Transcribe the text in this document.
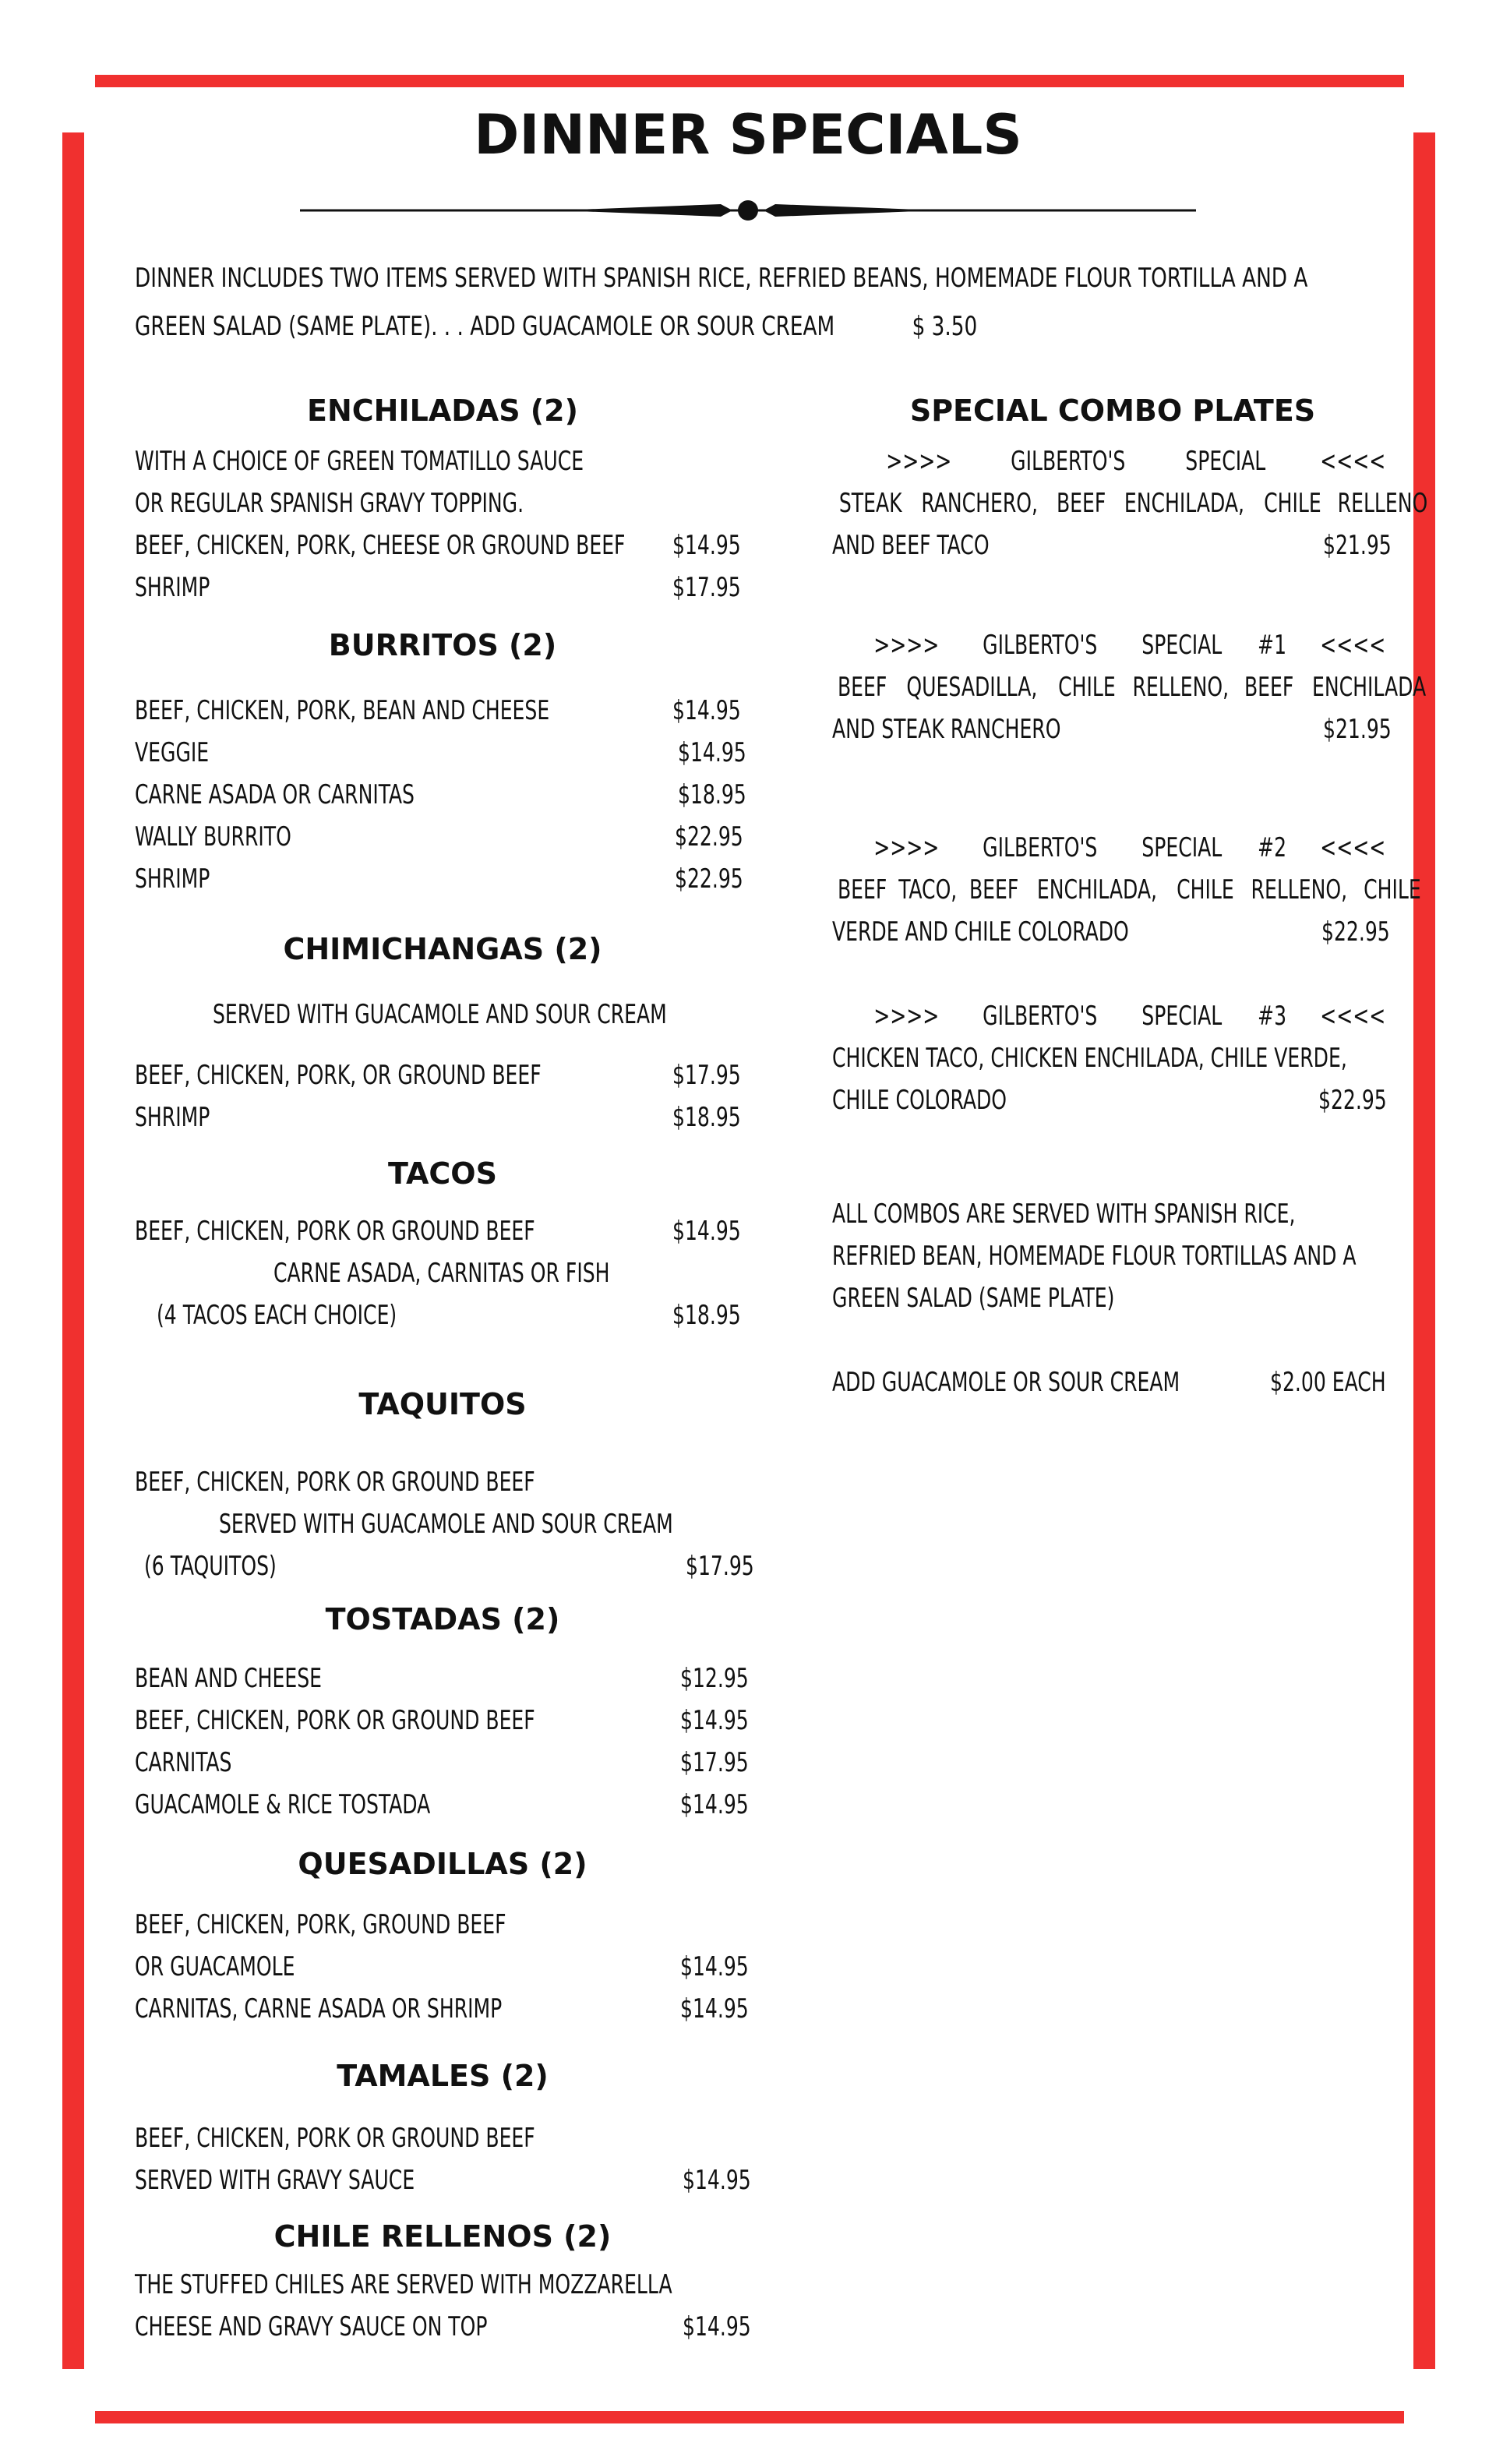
DINNER SPECIALS
DINNER INCLUDES TWO ITEMS SERVED WITH SPANISH RICE, REFRIED BEANS, HOMEMADE FLOUR TORTILLA AND A
GREEN SALAD (SAME PLATE). . . ADD GUACAMOLE OR SOUR CREAM	$ 3.50
ENCHILADAS (2)
WITH A CHOICE OF GREEN TOMATILLO SAUCE
OR REGULAR SPANISH GRAVY TOPPING.
BEEF, CHICKEN, PORK, CHEESE OR GROUND BEEF $14.95
SHRIMP	$17.95
BURRITOS (2)
BEEF, CHICKEN, PORK, BEAN AND CHEESE	$14.95
VEGGIE	$14.95
CARNE ASADA OR CARNITAS	$18.95
WALLY BURRITO	$22.95
SHRIMP	$22.95
CHIMICHANGAS (2)
SERVED WITH GUACAMOLE AND SOUR CREAM
BEEF, CHICKEN, PORK, OR GROUND BEEF	$17.95
SHRIMP	$18.95
TACOS
BEEF, CHICKEN, PORK OR GROUND BEEF	$14.95
CARNE ASADA, CARNITAS OR FISH
(4 TACOS EACH CHOICE)	$18.95
TAQUITOS
BEEF, CHICKEN, PORK OR GROUND BEEF
SERVED WITH GUACAMOLE AND SOUR CREAM
(6 TAQUITOS)	$17.95
TOSTADAS (2)
BEAN AND CHEESE	$12.95
BEEF, CHICKEN, PORK OR GROUND BEEF	$14.95
CARNITAS	$17.95
GUACAMOLE & RICE TOSTADA	$14.95
QUESADILLAS (2)
BEEF, CHICKEN, PORK, GROUND BEEF
OR GUACAMOLE	$14.95
CARNITAS, CARNE ASADA OR SHRIMP	$14.95
TAMALES (2)
BEEF, CHICKEN, PORK OR GROUND BEEF
SERVED WITH GRAVY SAUCE	$14.95
CHILE RELLENOS (2)
THE STUFFED CHILES ARE SERVED WITH MOZZARELLA
CHEESE AND GRAVY SAUCE ON TOP	$14.95
SPECIAL COMBO PLATES
>>>> GILBERTO'S SPECIAL <<<<
STEAK RANCHERO, BEEF ENCHILADA, CHILE RELLENO
AND BEEF TACO	$21.95
>>>> GILBERTO'S SPECIAL #1 <<<<
BEEF QUESADILLA, CHILE RELLENO, BEEF ENCHILADA
AND STEAK RANCHERO	$21.95
>>>> GILBERTO'S SPECIAL #2 <<<<
BEEF TACO, BEEF ENCHILADA, CHILE RELLENO, CHILE
VERDE AND CHILE COLORADO	$22.95
>>>> GILBERTO'S SPECIAL #3 <<<<
CHICKEN TACO, CHICKEN ENCHILADA, CHILE VERDE,
CHILE COLORADO	$22.95
ALL COMBOS ARE SERVED WITH SPANISH RICE,
REFRIED BEAN, HOMEMADE FLOUR TORTILLAS AND A
GREEN SALAD (SAME PLATE)
ADD GUACAMOLE OR SOUR CREAM	$2.00 EACH
